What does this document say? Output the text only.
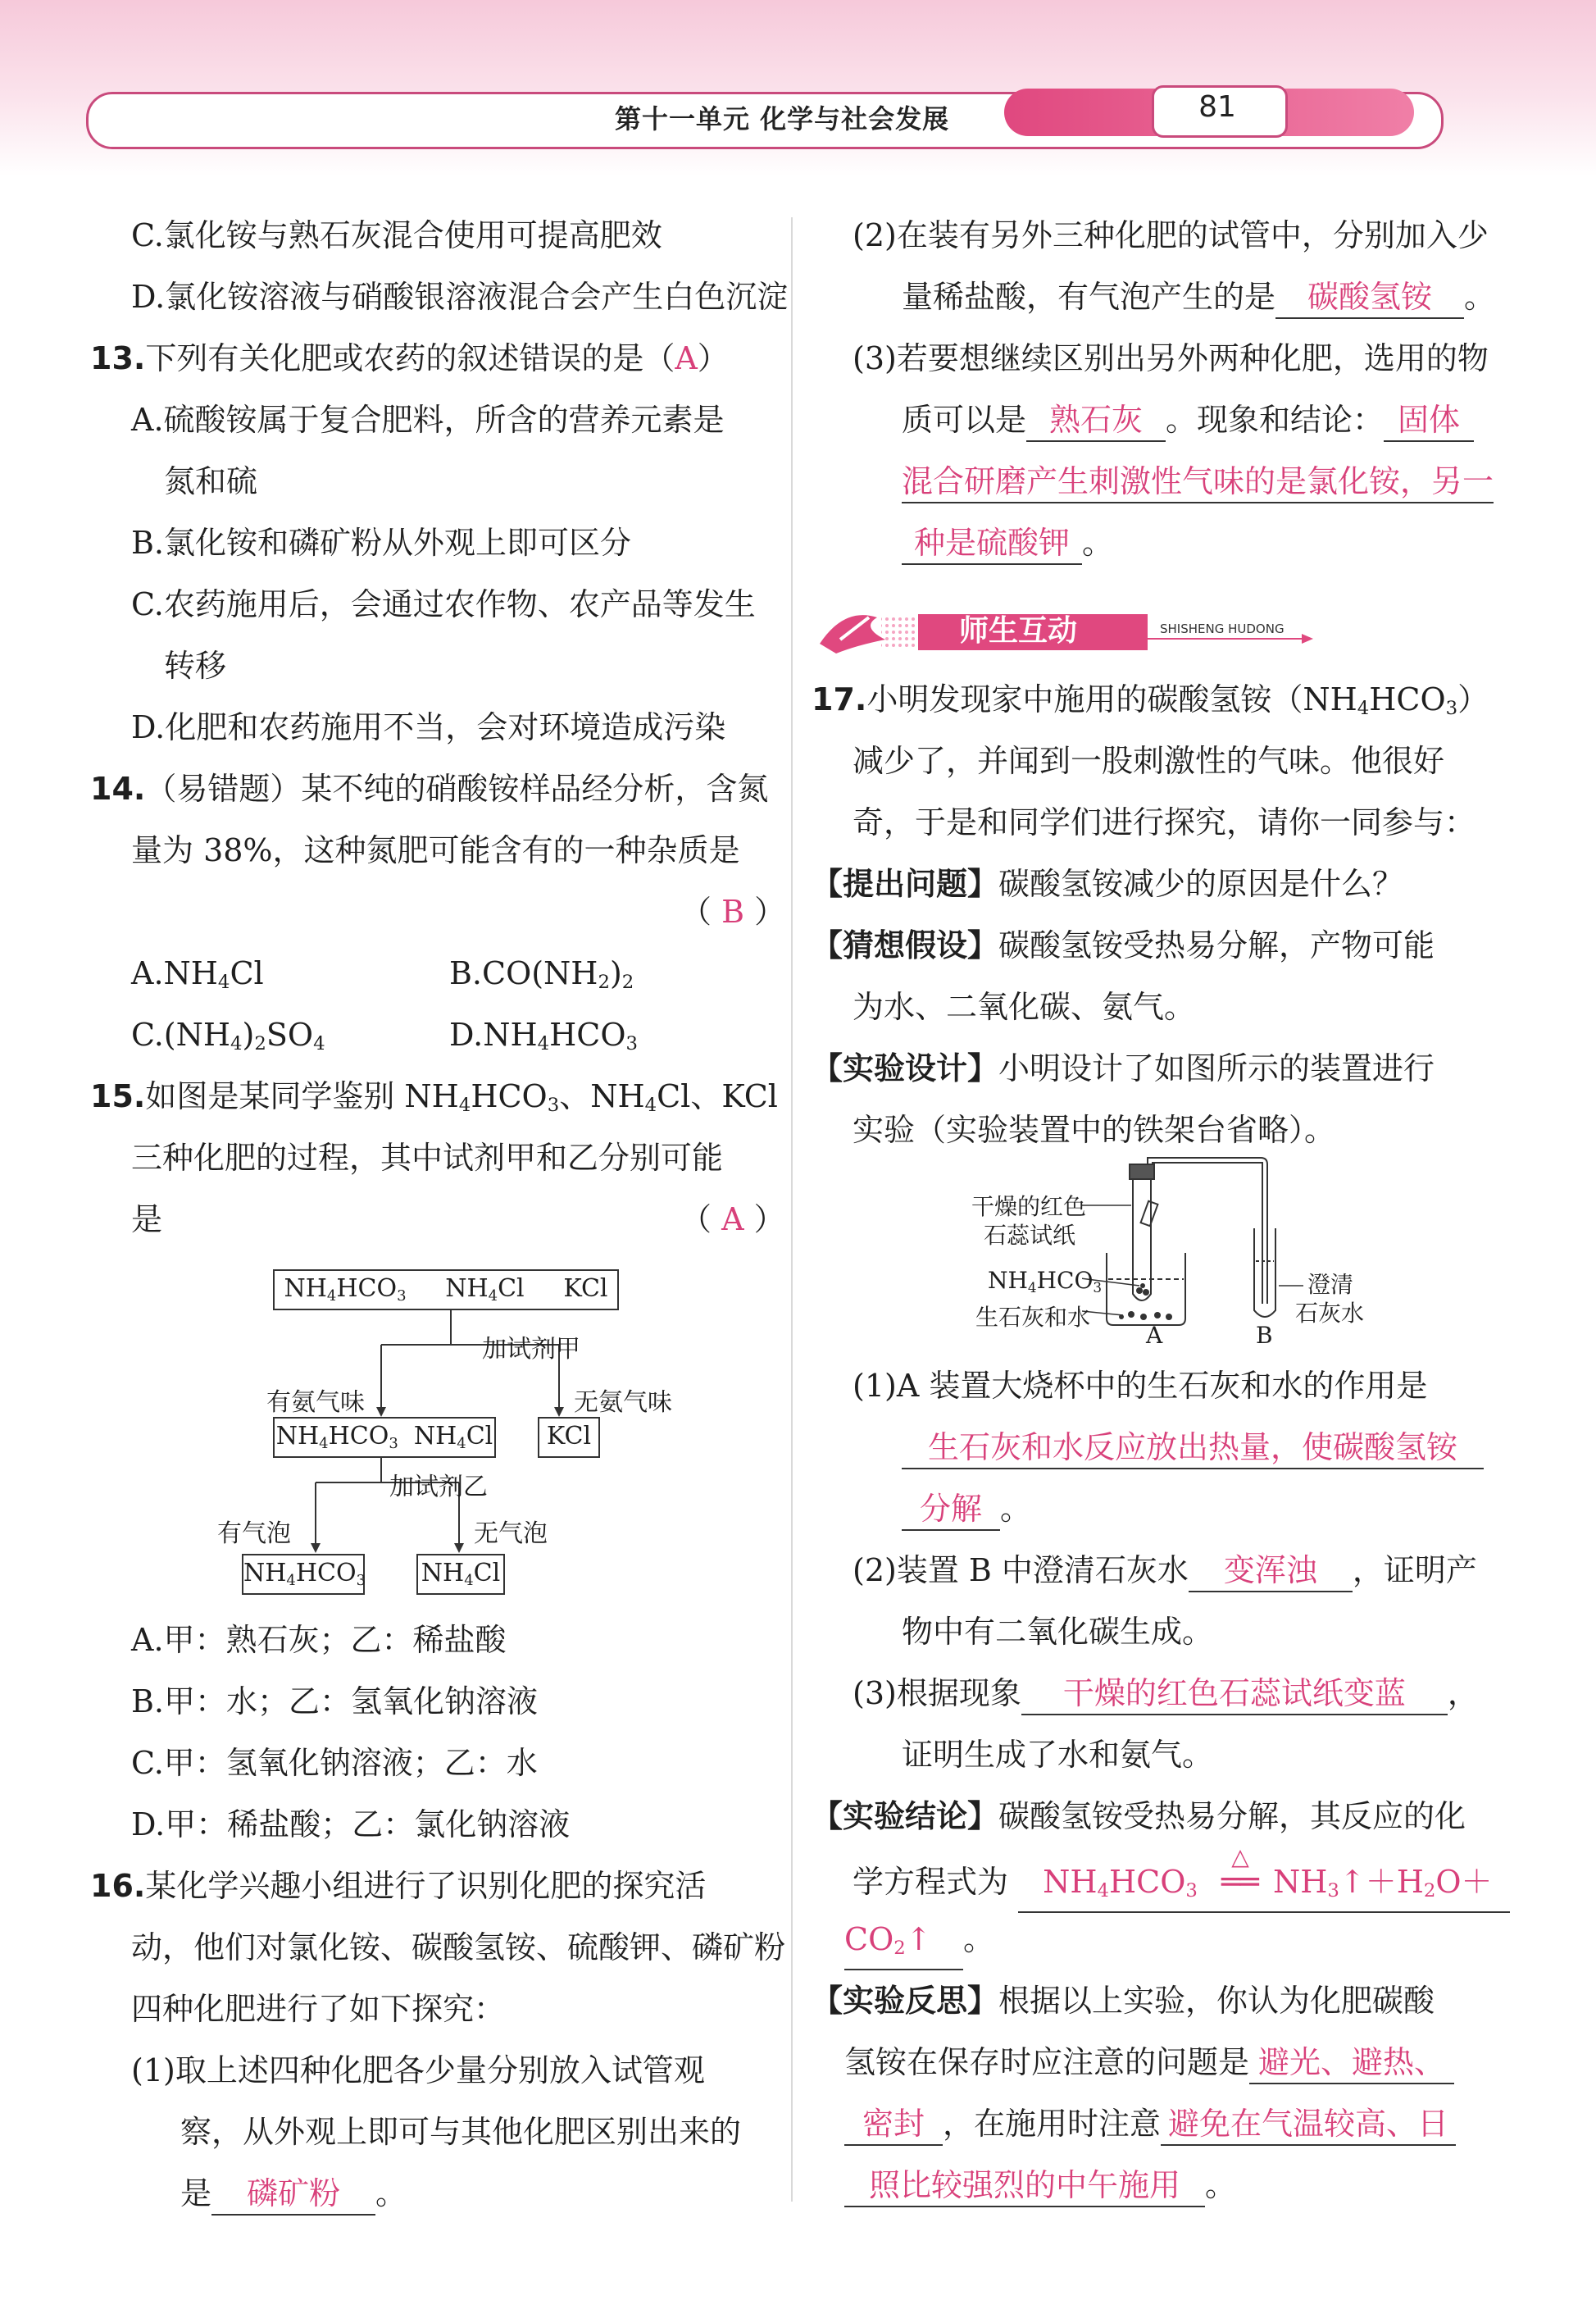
第十一单元 化学与社会发展	81
C.氯化铵与熟石灰混合使用可提高肥效
D.氯化铵溶液与硝酸银溶液混合会产生白色沉淀
13.下列有关化肥或农药的叙述错误的是（A）
A.硫酸铵属于复合肥料，所含的营养元素是
氮和硫
B.氯化铵和磷矿粉从外观上即可区分
C.农药施用后，会通过农作物、农产品等发生
转移
D.化肥和农药施用不当，会对环境造成污染
14.（易错题）某不纯的硝酸铵样品经分析，含氮
量为 38%，这种氮肥可能含有的一种杂质是
（ B ）
$A.NH_4Cl$	$B.CO(NH_2)_2$
$C.(NH_4)_2SO_4$	$D.NH_4HCO_3$
15.如图是某同学鉴别 $NH_4HCO_3$、$NH_4Cl$、KCl
三种化肥的过程，其中试剂甲和乙分别可能
是	（ A ）
$NH_4HCO_3$ $NH_4Cl$ KCl
加试剂甲
有氨气味	无氨气味
$NH_4HCO_3$ $NH_4Cl$	KCl
加试剂乙
有气泡	无气泡
$NH_4HCO_3$ $NH_4Cl$
A.甲：熟石灰；乙：稀盐酸
B.甲：水；乙：氢氧化钠溶液
C.甲：氢氧化钠溶液；乙：水
D.甲：稀盐酸；乙：氯化钠溶液
16.某化学兴趣小组进行了识别化肥的探究活
动，他们对氯化铵、碳酸氢铵、硫酸钾、磷矿粉
四种化肥进行了如下探究：
(1)取上述四种化肥各少量分别放入试管观
察，从外观上即可与其他化肥区别出来的
是 磷矿粉 。
(2)在装有另外三种化肥的试管中，分别加入少
量稀盐酸，有气泡产生的是 碳酸氢铵 。
(3)若要想继续区别出另外两种化肥，选用的物
质可以是 熟石灰 。现象和结论： 固体
混合研磨产生刺激性气味的是氯化铵，另一
种是硫酸钾 。
师生互动	SHISHENG HUDONG
17.小明发现家中施用的碳酸氢铵$(NH_4HCO_3)$
减少了，并闻到一股刺激性的气味。他很好
奇，于是和同学们进行探究，请你一同参与：
【提出问题】碳酸氢铵减少的原因是什么？
【猜想假设】碳酸氢铵受热易分解，产物可能
为水、二氧化碳、氨气。
【实验设计】小明设计了如图所示的装置进行
实验（实验装置中的铁架台省略）。
干燥的红色
石蕊试纸
$NH_4HCO_3$
生石灰和水
澄清
石灰水
A	B
(1)A 装置大烧杯中的生石灰和水的作用是
生石灰和水反应放出热量，使碳酸氢铵
分解 。
(2)装置 B 中澄清石灰水 变浑浊 ，证明产
物中有二氧化碳生成。
(3)根据现象 干燥的红色石蕊试纸变蓝 ，
证明生成了水和氨气。
【实验结论】碳酸氢铵受热易分解，其反应的化
学方程式为 $NH_4HCO_3$
△
══ $NH_3↑+H_2O+$
$CO_2↑$ 。
【实验反思】根据以上实验，你认为化肥碳酸
氢铵在保存时应注意的问题是 避光、避热、
密封 ，在施用时注意 避免在气温较高、日
照比较强烈的中午施用 。
